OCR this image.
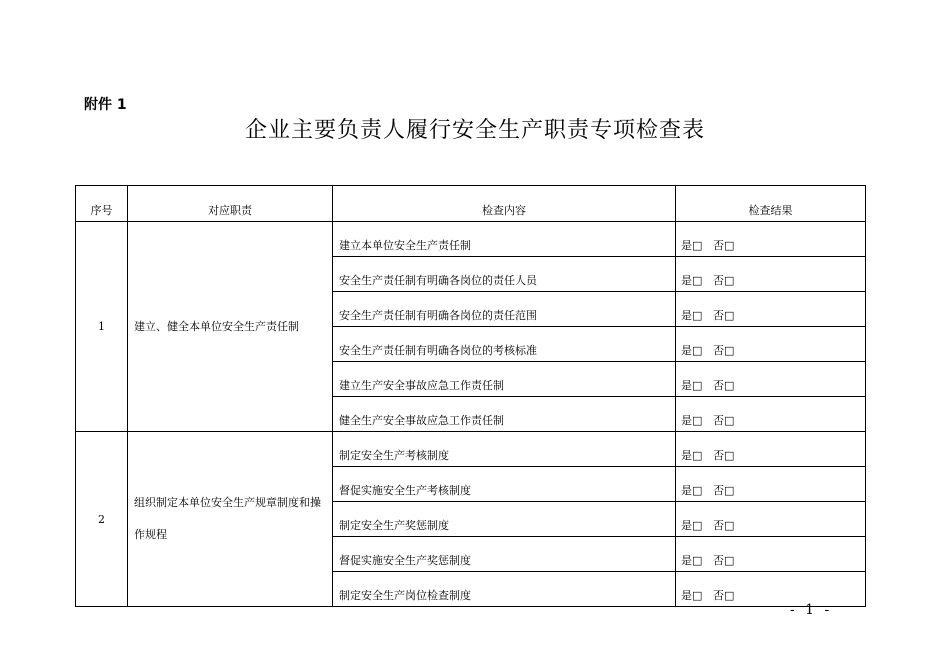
附件 1
企业主要负责人履行安全生产职责专项检查表
序号	对应职责	检查内容	检查结果
1	建立、健全本单位安全生产责任制	建立本单位安全生产责任制	是□ 否□
		安全生产责任制有明确各岗位的责任人员	是□ 否□
		安全生产责任制有明确各岗位的责任范围	是□ 否□
		安全生产责任制有明确各岗位的考核标准	是□ 否□
		建立生产安全事故应急工作责任制	是□ 否□
		健全生产安全事故应急工作责任制	是□ 否□
2	组织制定本单位安全生产规章制度和操作规程	制定安全生产考核制度	是□ 否□
		督促实施安全生产考核制度	是□ 否□
		制定安全生产奖惩制度	是□ 否□
		督促实施安全生产奖惩制度	是□ 否□
		制定安全生产岗位检查制度	是□ 否□
- 1 -
